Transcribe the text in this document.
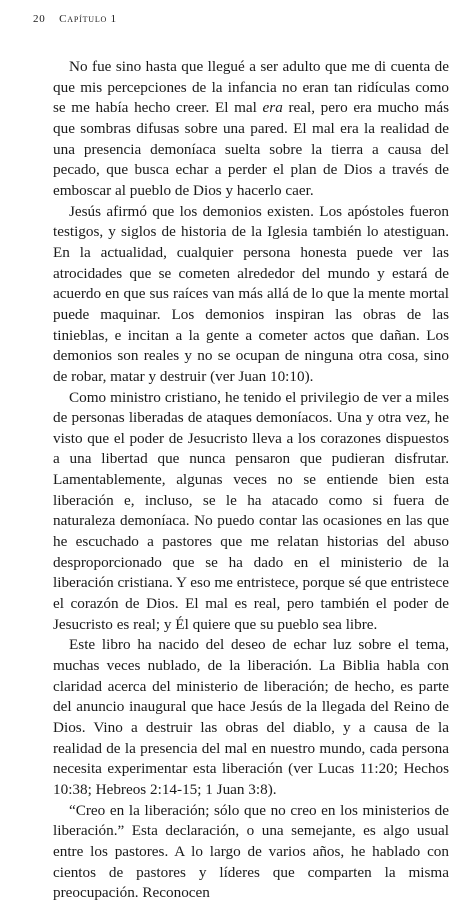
20 Capítulo 1

No fue sino hasta que llegué a ser adulto que me di cuenta de que mis percepciones de la infancia no eran tan ridículas como se me había hecho creer. El mal era real, pero era mucho más que sombras difusas sobre una pared. El mal era la realidad de una presencia demoníaca suelta sobre la tierra a causa del pecado, que busca echar a perder el plan de Dios a través de emboscar al pueblo de Dios y hacerlo caer.

Jesús afirmó que los demonios existen. Los apóstoles fueron testigos, y siglos de historia de la Iglesia también lo atestiguan. En la actualidad, cualquier persona honesta puede ver las atrocidades que se cometen alrededor del mundo y estará de acuerdo en que sus raíces van más allá de lo que la mente mortal puede maquinar. Los demonios inspiran las obras de las tinieblas, e incitan a la gente a cometer actos que dañan. Los demonios son reales y no se ocupan de ninguna otra cosa, sino de robar, matar y destruir (ver Juan 10:10).

Como ministro cristiano, he tenido el privilegio de ver a miles de personas liberadas de ataques demoníacos. Una y otra vez, he visto que el poder de Jesucristo lleva a los corazones dispuestos a una libertad que nunca pensaron que pudieran disfrutar. Lamentablemente, algunas veces no se entiende bien esta liberación e, incluso, se le ha atacado como si fuera de naturaleza demoníaca. No puedo contar las ocasiones en las que he escuchado a pastores que me relatan historias del abuso desproporcionado que se ha dado en el ministerio de la liberación cristiana. Y eso me entristece, porque sé que entristece el corazón de Dios. El mal es real, pero también el poder de Jesucristo es real; y Él quiere que su pueblo sea libre.

Este libro ha nacido del deseo de echar luz sobre el tema, muchas veces nublado, de la liberación. La Biblia habla con claridad acerca del ministerio de liberación; de hecho, es parte del anuncio inaugural que hace Jesús de la llegada del Reino de Dios. Vino a destruir las obras del diablo, y a causa de la realidad de la presencia del mal en nuestro mundo, cada persona necesita experimentar esta liberación (ver Lucas 11:20; Hechos 10:38; Hebreos 2:14-15; 1 Juan 3:8).

“Creo en la liberación; sólo que no creo en los ministerios de liberación.” Esta declaración, o una semejante, es algo usual entre los pastores. A lo largo de varios años, he hablado con cientos de pastores y líderes que comparten la misma preocupación. Reconocen
